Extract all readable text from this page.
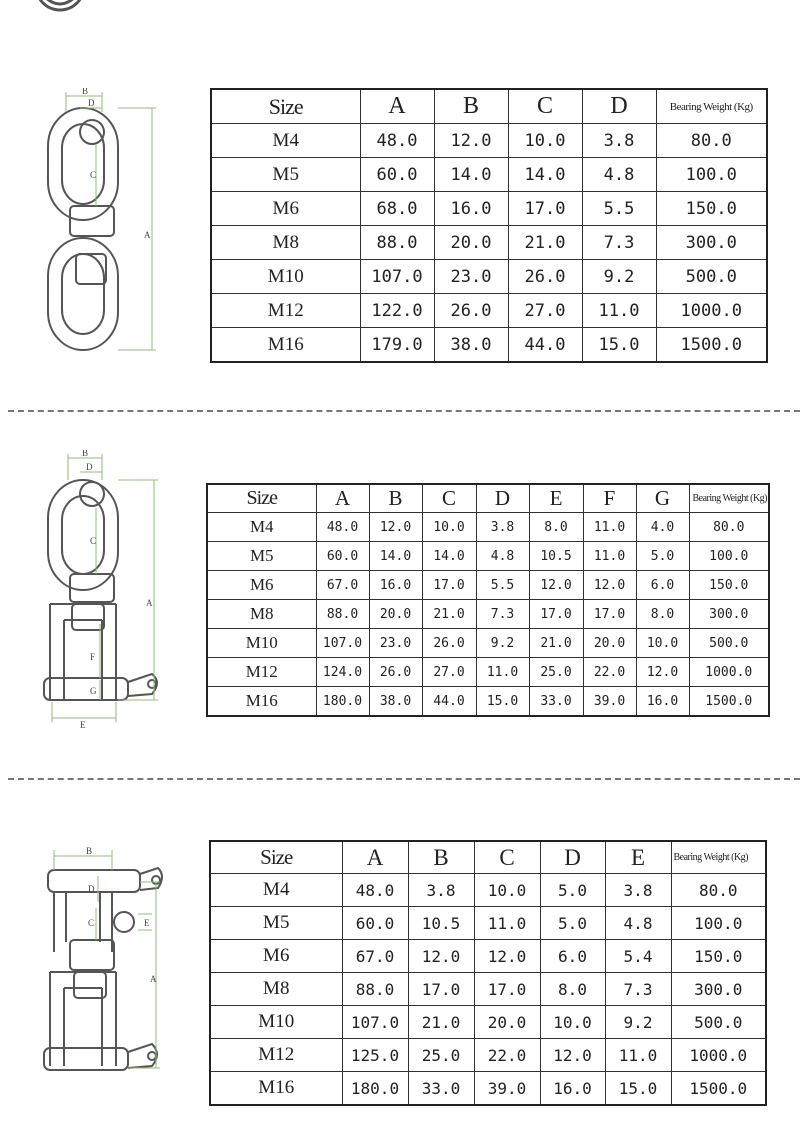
B
D
C
A
Size	A	B	C	D	Bearing Weight (Kg)
M4	48.0	12.0	10.0	3.8	80.0
M5	60.0	14.0	14.0	4.8	100.0
M6	68.0	16.0	17.0	5.5	150.0
M8	88.0	20.0	21.0	7.3	300.0
M10	107.0	23.0	26.0	9.2	500.0
M12	122.0	26.0	27.0	11.0	1000.0
M16	179.0	38.0	44.0	15.0	1500.0
B
D
C
A
F
G
E
Size	A	B	C	D	E	F	G	Bearing Weight (Kg)
M4	48.0	12.0	10.0	3.8	8.0	11.0	4.0	80.0
M5	60.0	14.0	14.0	4.8	10.5	11.0	5.0	100.0
M6	67.0	16.0	17.0	5.5	12.0	12.0	6.0	150.0
M8	88.0	20.0	21.0	7.3	17.0	17.0	8.0	300.0
M10	107.0	23.0	26.0	9.2	21.0	20.0	10.0	500.0
M12	124.0	26.0	27.0	11.0	25.0	22.0	12.0	1000.0
M16	180.0	38.0	44.0	15.0	33.0	39.0	16.0	1500.0
B
D
C	E
A
Size	A	B	C	D	E	Bearing Weight (Kg)
M4	48.0	3.8	10.0	5.0	3.8	80.0
M5	60.0	10.5	11.0	5.0	4.8	100.0
M6	67.0	12.0	12.0	6.0	5.4	150.0
M8	88.0	17.0	17.0	8.0	7.3	300.0
M10	107.0	21.0	20.0	10.0	9.2	500.0
M12	125.0	25.0	22.0	12.0	11.0	1000.0
M16	180.0	33.0	39.0	16.0	15.0	1500.0
